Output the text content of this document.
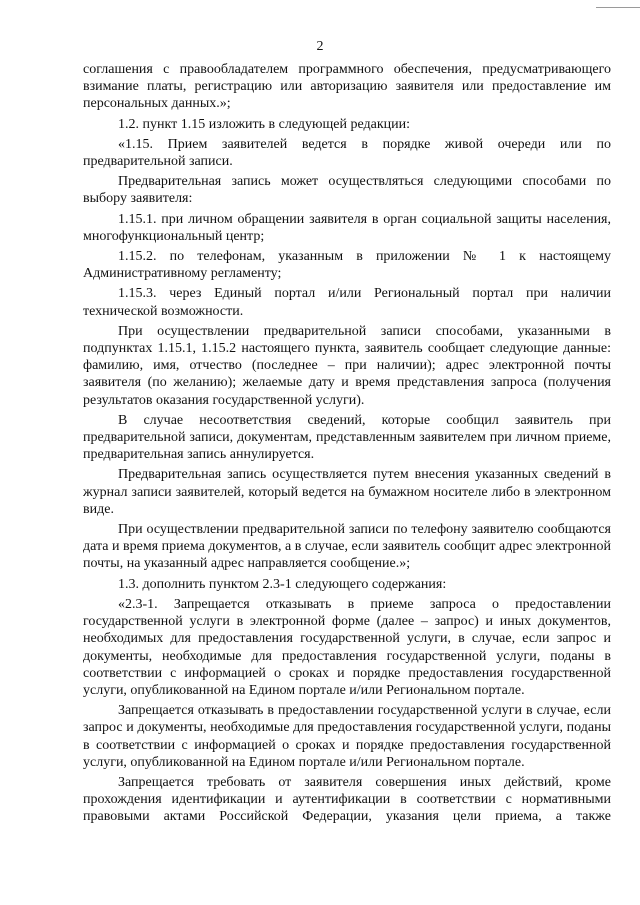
2

соглашения с правообладателем программного обеспечения, предусматривающего взимание платы, регистрацию или авторизацию заявителя или предоставление им персональных данных.»;

1.2. пункт 1.15 изложить в следующей редакции:

«1.15. Прием заявителей ведется в порядке живой очереди или по предварительной записи.

Предварительная запись может осуществляться следующими способами по выбору заявителя:

1.15.1. при личном обращении заявителя в орган социальной защиты населения, многофункциональный центр;

1.15.2. по телефонам, указанным в приложении № 1 к настоящему Административному регламенту;

1.15.3. через Единый портал и/или Региональный портал при наличии технической возможности.

При осуществлении предварительной записи способами, указанными в подпунктах 1.15.1, 1.15.2 настоящего пункта, заявитель сообщает следующие данные: фамилию, имя, отчество (последнее – при наличии); адрес электронной почты заявителя (по желанию); желаемые дату и время представления запроса (получения результатов оказания государственной услуги).

В случае несоответствия сведений, которые сообщил заявитель при предварительной записи, документам, представленным заявителем при личном приеме, предварительная запись аннулируется.

Предварительная запись осуществляется путем внесения указанных сведений в журнал записи заявителей, который ведется на бумажном носителе либо в электронном виде.

При осуществлении предварительной записи по телефону заявителю сообщаются дата и время приема документов, а в случае, если заявитель сообщит адрес электронной почты, на указанный адрес направляется сообщение.»;

1.3. дополнить пунктом 2.3-1 следующего содержания:

«2.3-1. Запрещается отказывать в приеме запроса о предоставлении государственной услуги в электронной форме (далее – запрос) и иных документов, необходимых для предоставления государственной услуги, в случае, если запрос и документы, необходимые для предоставления государственной услуги, поданы в соответствии с информацией о сроках и порядке предоставления государственной услуги, опубликованной на Едином портале и/или Региональном портале.

Запрещается отказывать в предоставлении государственной услуги в случае, если запрос и документы, необходимые для предоставления государственной услуги, поданы в соответствии с информацией о сроках и порядке предоставления государственной услуги, опубликованной на Едином портале и/или Региональном портале.

Запрещается требовать от заявителя совершения иных действий, кроме прохождения идентификации и аутентификации в соответствии с нормативными правовыми актами Российской Федерации, указания цели приема, а также
